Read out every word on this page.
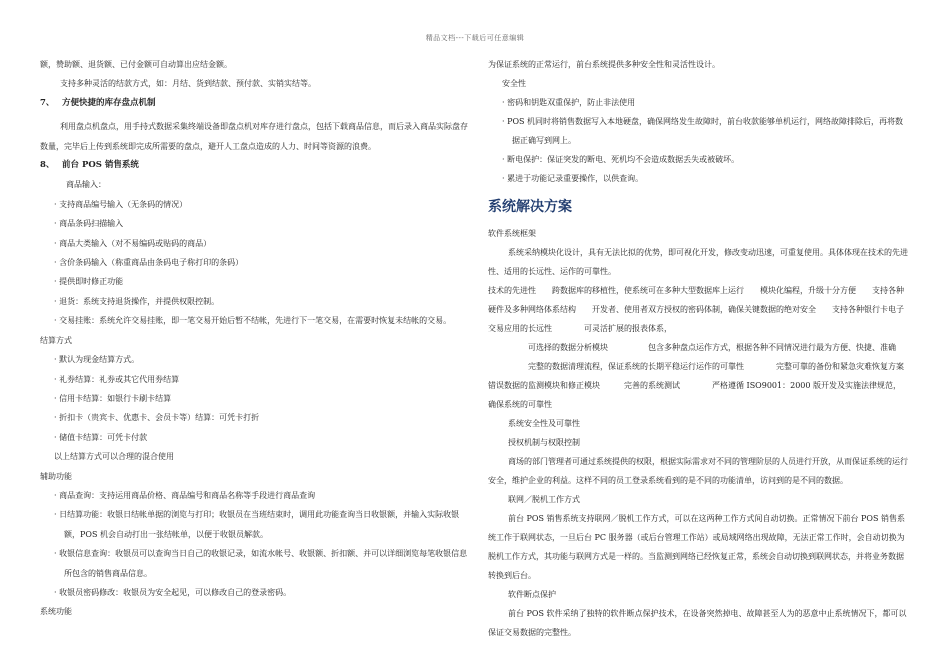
精品文档---下载后可任意编辑

额，赞助额、退货额、已付金额可自动算出应结金额。

支持多种灵活的结款方式，如：月结、货到结款、预付款、实销实结等。

7、 方便快捷的库存盘点机制

利用盘点机盘点，用手持式数据采集终端设备即盘点机对库存进行盘点，包括下载商品信息，而后录入商品实际盘存数量，完毕后上传到系统即完成所需要的盘点，避开人工盘点造成的人力、时间等资源的浪费。

8、 前台 POS 销售系统

商品输入：

· 支持商品编号输入（无条码的情况）

· 商品条码扫描输入

· 商品大类输入（对不易编码或贴码的商品）

· 含价条码输入（称重商品由条码电子称打印的条码）

· 提供即时修正功能

· 退货：系统支持退货操作，并提供权限控制。

· 交易挂账：系统允许交易挂账，即一笔交易开始后暂不结帐，先进行下一笔交易，在需要时恢复未结帐的交易。

结算方式

· 默认为现金结算方式。

· 礼券结算：礼券或其它代用券结算

· 信用卡结算：如银行卡刷卡结算

· 折扣卡（贵宾卡、优惠卡、会员卡等）结算：可凭卡打折

· 储值卡结算：可凭卡付款

以上结算方式可以合理的混合使用

辅助功能

· 商品查询：支持运用商品价格、商品编号和商品名称等手段进行商品查询

· 日结算功能：收银日结帐单据的浏览与打印；收银员在当班结束时，调用此功能查询当日收银额，并输入实际收银额，POS 机会自动打出一张结帐单，以便于收银员解款。

· 收银信息查询：收银员可以查询当日自己的收银记录，如流水帐号、收银额、折扣额、并可以详细浏览每笔收银信息所包含的销售商品信息。

· 收银员密码修改：收银员为安全起见，可以修改自己的登录密码。

系统功能

为保证系统的正常运行，前台系统提供多种安全性和灵活性设计。

安全性

· 密码和钥匙双重保护，防止非法使用

· POS 机同时将销售数据写入本地硬盘，确保网络发生故障时，前台收款能够单机运行，网络故障排除后，再将数据正确写到网上。

· 断电保护：保证突发的断电、死机均不会造成数据丢失或被破坏。

· 累进于功能记录重要操作，以供查询。

系统解决方案

软件系统框架

系统采纳模块化设计，具有无法比拟的优势，即可视化开发，修改变动迅速，可重复使用。具体体现在技术的先进性、适用的长远性、运作的可靠性。

技术的先进性　　跨数据库的移植性，使系统可在多种大型数据库上运行　　模块化编程，升级十分方便　　支持各种硬件及多种网络体系结构　　开发者、使用者双方授权的密码体制，确保关键数据的绝对安全　　支持各种银行卡电子交易应用的长远性　　　　可灵活扩展的报表体系，

可选择的数据分析模块　　　　　包含多种盘点运作方式，根据各种不同情况进行最为方便、快捷、准确

完整的数据清理流程，保证系统的长期平稳运行运作的可靠性　　　　完整可靠的备份和紧急灾难恢复方案　　　错误数据的监测模块和修正模块　　　完善的系统测试　　　　严格遵循 ISO9001：2000 版开发及实施法律规范，确保系统的可靠性

系统安全性及可靠性

授权机制与权限控制

商场的部门管理者可通过系统提供的权限，根据实际需求对不同的管理阶层的人员进行开放，从而保证系统的运行安全，维护企业的利益。这样不同的员工登录系统看到的是不同的功能清单，访问到的是不同的数据。

联网／脱机工作方式

前台 POS 销售系统支持联网／脱机工作方式，可以在这两种工作方式间自动切换。正常情况下前台 POS 销售系统工作于联网状态，一旦后台 PC 服务器（或后台管理工作站）或局域网络出现故障，无法正常工作时，会自动切换为脱机工作方式，其功能与联网方式是一样的。当监测到网络已经恢复正常，系统会自动切换到联网状态，并将业务数据转换到后台。

软件断点保护

前台 POS 软件采纳了独特的软件断点保护技术，在设备突然掉电、故障甚至人为的恶意中止系统情况下，都可以保证交易数据的完整性。
